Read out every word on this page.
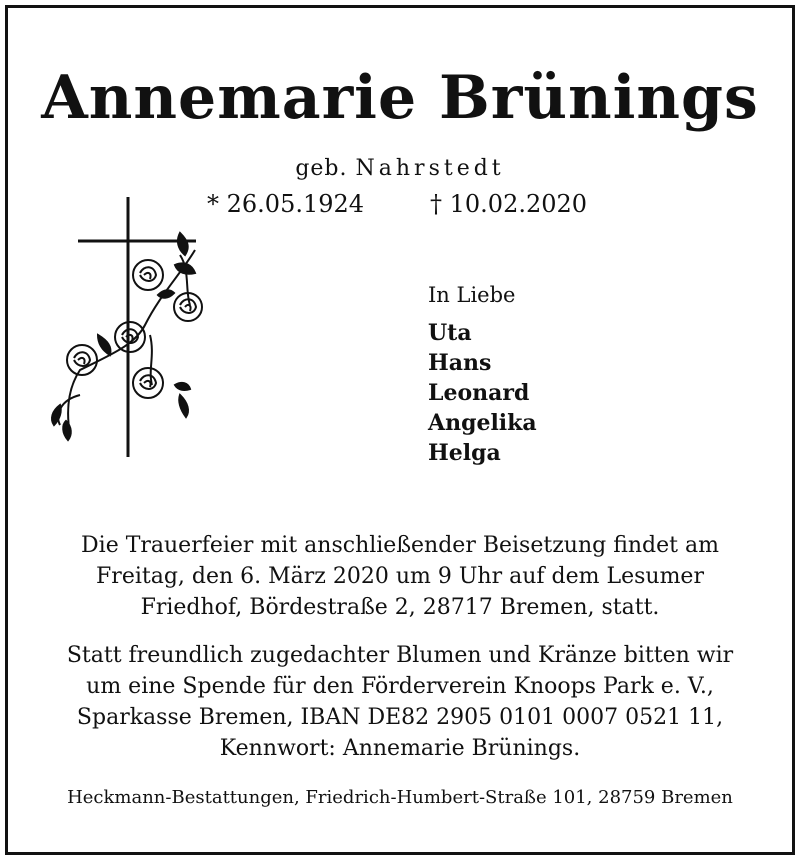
Annemarie Brünings
geb. Nahrstedt
* 26.05.1924	† 10.02.2020
In Liebe
Uta
Hans
Leonard
Angelika
Helga
Die Trauerfeier mit anschließender Beisetzung findet am
Freitag, den 6. März 2020 um 9 Uhr auf dem Lesumer
Friedhof, Bördestraße 2, 28717 Bremen, statt.
Statt freundlich zugedachter Blumen und Kränze bitten wir
um eine Spende für den Förderverein Knoops Park e. V.,
Sparkasse Bremen, IBAN DE82 2905 0101 0007 0521 11,
Kennwort: Annemarie Brünings.
Heckmann-Bestattungen, Friedrich-Humbert-Straße 101, 28759 Bremen
